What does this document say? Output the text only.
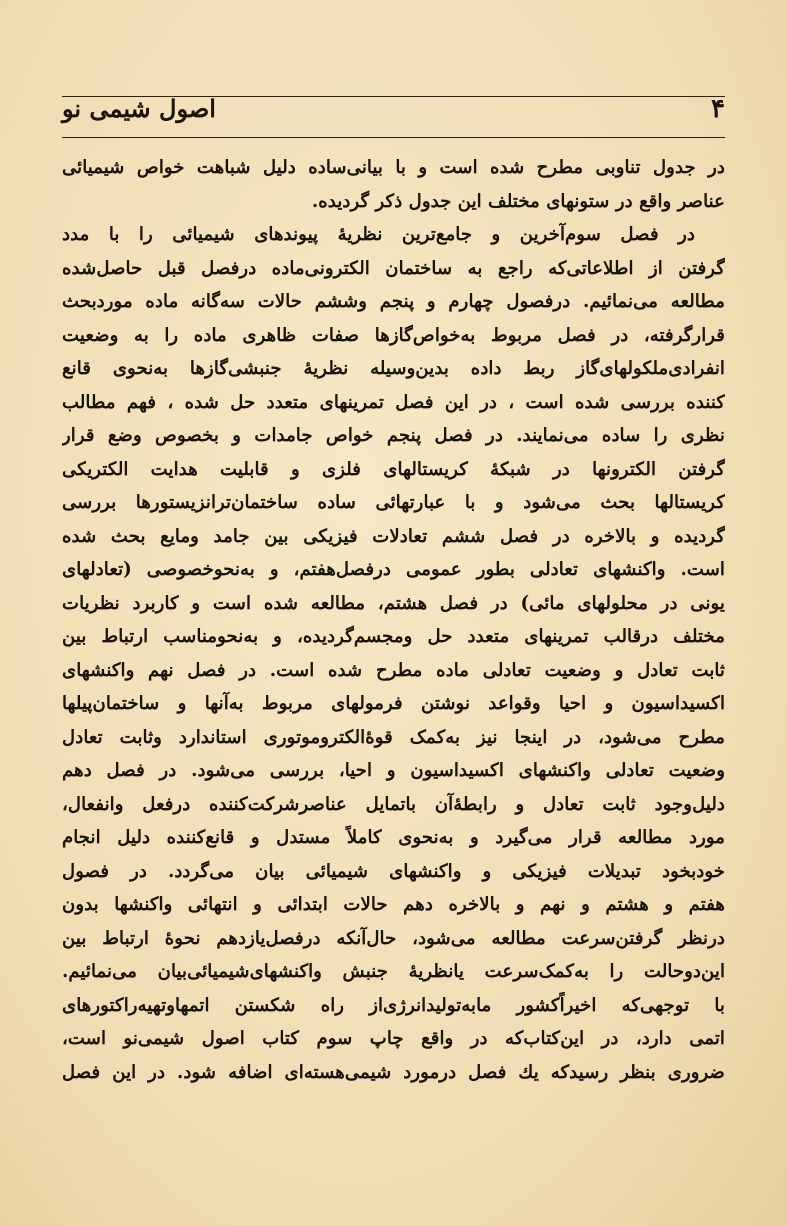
۴
اصول شیمی نو
در جدول تناوبی مطرح شده است و با بیانی‌ساده دلیل شباهت خواص شیمیائی
عناصر واقع در ستونهای مختلف این جدول ذکر گردیده.
در فصل سوم‌آخرین و جامع‌ترین نظریهٔ پیوندهای شیمیائی را با مدد
گرفتن از اطلاعاتی‌که راجع به ساختمان الکترونی‌ماده درفصل قبل حاصل‌شده
مطالعه می‌نمائیم. درفصول چهارم و پنجم وششم حالات سه‌گانه ماده موردبحث
قرارگرفته، در فصل مربوط به‌خواص‌گازها صفات ظاهری ماده را به وضعیت
انفرادی‌ملکولهای‌گاز ربط داده بدین‌وسیله نظریهٔ جنبشی‌گازها به‌نحوی قانع
کننده بررسی شده است ، در این فصل تمرینهای متعدد حل شده ، فهم مطالب
نظری را ساده می‌نمایند. در فصل پنجم خواص جامدات و بخصوص وضع قرار
گرفتن الکترونها در شبکهٔ کریستالهای فلزی و قابلیت هدایت الکتریکی
کریستالها بحث می‌شود و با عبارتهائی ساده ساختمان‌ترانزیستورها بررسی
گردیده و بالاخره در فصل ششم تعادلات فیزیکی بین جامد ومایع بحث شده
است. واکنشهای تعادلی بطور عمومی درفصل‌هفتم، و به‌نحوخصوصی (تعادلهای
یونی در محلولهای مائی) در فصل هشتم، مطالعه شده است و کاربرد نظریات
مختلف درقالب تمرینهای متعدد حل ومجسم‌گردیده، و به‌نحومناسب ارتباط بین
ثابت تعادل و وضعیت تعادلی ماده مطرح شده است. در فصل نهم واکنشهای
اکسیداسیون و احیا وقواعد نوشتن فرمولهای مربوط به‌آنها و ساختمان‌پیلها
مطرح می‌شود، در اینجا نیز به‌کمک قوهٔ‌الکتروموتوری استاندارد وثابت تعادل
وضعیت تعادلی واکنشهای اکسیداسیون و احیا، بررسی می‌شود. در فصل دهم
دلیل‌وجود ثابت تعادل و رابطهٔ‌آن باتمایل عناصرشرکت‌کننده درفعل وانفعال،
مورد مطالعه قرار می‌گیرد و به‌نحوی کاملاً مستدل و قانع‌کننده دلیل انجام
خودبخود تبدیلات فیزیکی و واکنشهای شیمیائی بیان می‌گردد. در فصول
هفتم و هشتم و نهم و بالاخره دهم حالات ابتدائی و انتهائی واکنشها بدون
درنظر گرفتن‌سرعت مطالعه می‌شود، حال‌آنکه درفصل‌یازدهم نحوهٔ ارتباط بین
این‌دوحالت را به‌کمک‌سرعت یانظریهٔ جنبش واکنشهای‌شیمیائی‌بیان می‌نمائیم.
با توجهی‌که اخیراًکشور مابه‌تولیدانرژی‌از راه شکستن اتمهاوتهیه‌راکتورهای
اتمی دارد، در این‌کتاب‌که در واقع چاپ سوم کتاب اصول شیمی‌نو است،
ضروری بنظر رسیدکه یك فصل درمورد شیمی‌هسته‌ای اضافه شود. در این فصل
